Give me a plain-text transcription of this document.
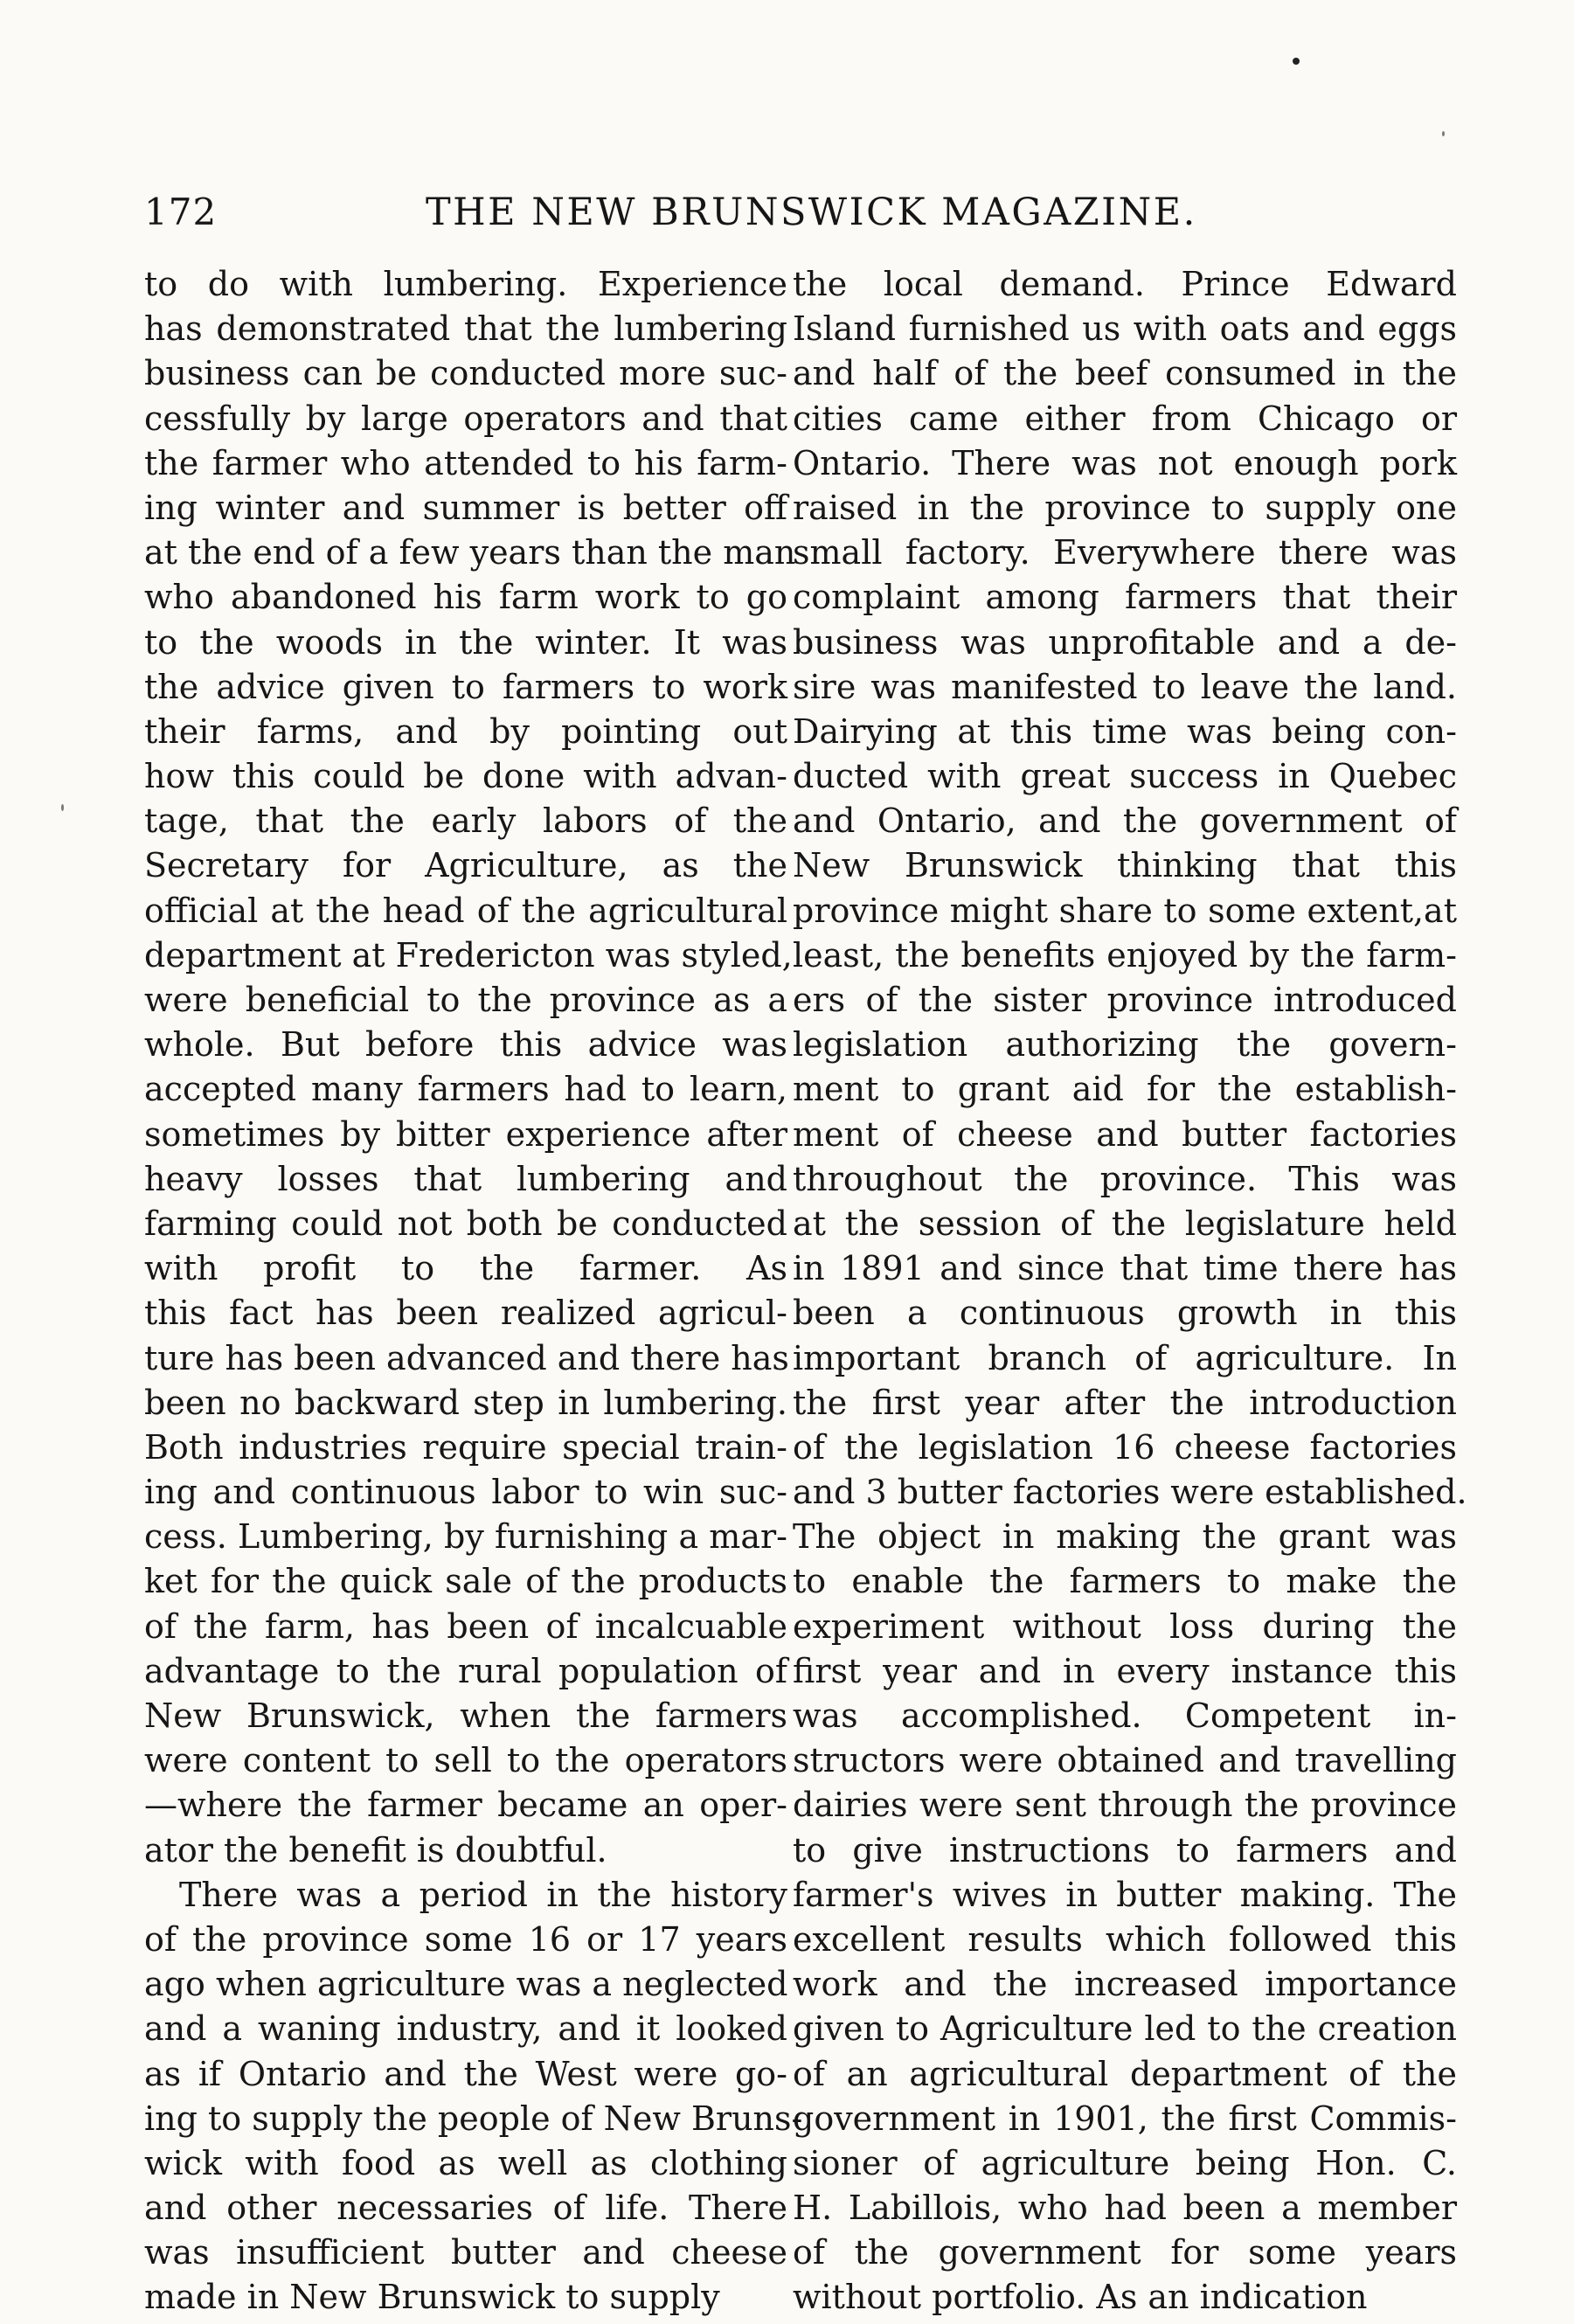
172	THE NEW BRUNSWICK MAGAZINE.
to do with lumbering. Experience
has demonstrated that the lumbering
business can be conducted more suc-
cessfully by large operators and that
the farmer who attended to his farm-
ing winter and summer is better off
at the end of a few years than the man
who abandoned his farm work to go
to the woods in the winter. It was
the advice given to farmers to work
their farms, and by pointing out
how this could be done with advan-
tage, that the early labors of the
Secretary for Agriculture, as the
official at the head of the agricultural
department at Fredericton was styled,
were beneficial to the province as a
whole. But before this advice was
accepted many farmers had to learn,
sometimes by bitter experience after
heavy losses that lumbering and
farming could not both be conducted
with profit to the farmer. As
this fact has been realized agricul-
ture has been advanced and there has
been no backward step in lumbering.
Both industries require special train-
ing and continuous labor to win suc-
cess. Lumbering, by furnishing a mar-
ket for the quick sale of the products
of the farm, has been of incalcuable
advantage to the rural population of
New Brunswick, when the farmers
were content to sell to the operators
—where the farmer became an oper-
ator the benefit is doubtful.
There was a period in the history
of the province some 16 or 17 years
ago when agriculture was a neglected
and a waning industry, and it looked
as if Ontario and the West were go-
ing to supply the people of New Bruns-
wick with food as well as clothing
and other necessaries of life. There
was insufficient butter and cheese
made in New Brunswick to supply
the local demand. Prince Edward
Island furnished us with oats and eggs
and half of the beef consumed in the
cities came either from Chicago or
Ontario. There was not enough pork
raised in the province to supply one
small factory. Everywhere there was
complaint among farmers that their
business was unprofitable and a de-
sire was manifested to leave the land.
Dairying at this time was being con-
ducted with great success in Quebec
and Ontario, and the government of
New Brunswick thinking that this
province might share to some extent,at
least, the benefits enjoyed by the farm-
ers of the sister province introduced
legislation authorizing the govern-
ment to grant aid for the establish-
ment of cheese and butter factories
throughout the province. This was
at the session of the legislature held
in 1891 and since that time there has
been a continuous growth in this
important branch of agriculture. In
the first year after the introduction
of the legislation 16 cheese factories
and 3 butter factories were established.
The object in making the grant was
to enable the farmers to make the
experiment without loss during the
first year and in every instance this
was accomplished. Competent in-
structors were obtained and travelling
dairies were sent through the province
to give instructions to farmers and
farmer's wives in butter making. The
excellent results which followed this
work and the increased importance
given to Agriculture led to the creation
of an agricultural department of the
government in 1901, the first Commis-
sioner of agriculture being Hon. C.
H. Labillois, who had been a member
of the government for some years
without portfolio. As an indication
